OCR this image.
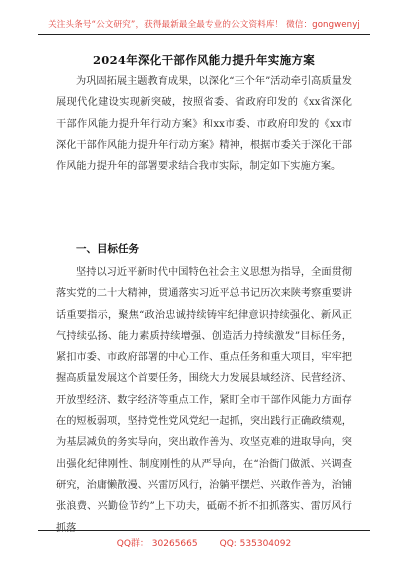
关注头条号“公文研究”，获得最新最全最专业的公文资料库！ 微信：gongwenyj
2024年深化干部作风能力提升年实施方案
为巩固拓展主题教育成果，以深化“三个年”活动牵引高质量发展现代化建设实现新突破，按照省委、省政府印发的《xx省深化干部作风能力提升年行动方案》和xx市委、市政府印发的《xx市深化干部作风能力提升年行动方案》精神，根据市委关于深化干部作风能力提升年的部署要求结合我市实际，制定如下实施方案。
一、目标任务
坚持以习近平新时代中国特色社会主义思想为指导，全面贯彻落实党的二十大精神，贯通落实习近平总书记历次来陕考察重要讲话重要指示，聚焦“政治忠诚持续铸牢纪律意识持续强化、新风正气持续弘扬、能力素质持续增强、创造活力持续激发”目标任务，紧扣市委、市政府部署的中心工作、重点任务和重大项目，牢牢把握高质量发展这个首要任务，围绕大力发展县域经济、民营经济、开放型经济、数字经济等重点工作，紧盯全市干部作风能力方面存在的短板弱项，坚持党性党风党纪一起抓，突出践行正确政绩观，为基层减负的务实导向，突出敢作善为、攻坚克难的进取导向，突出强化纪律刚性、制度刚性的从严导向，在“治衙门做派、兴调查研究，治庸懒散漫、兴雷厉风行，治躺平摆烂、兴敢作善为，治铺张浪费、兴勤俭节约”上下功夫，砥砺不折不扣抓落实、雷厉风行抓落
QQ群： 30265665 QQ: 535304092
